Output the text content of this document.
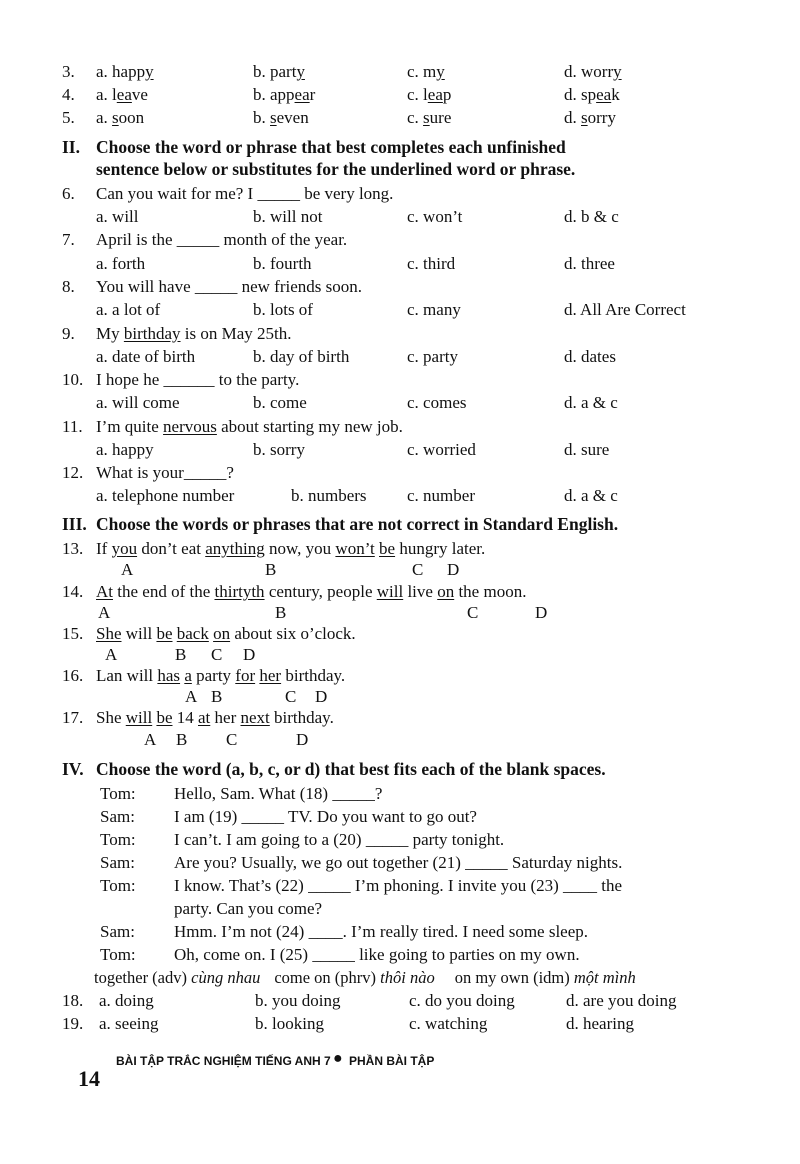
3. a. happy	b. party	c. my	d. worry
4. a. leave	b. appear	c. leap	d. speak
5. a. soon	b. seven	c. sure	d. sorry
II. Choose the word or phrase that best completes each unfinished
sentence below or substitutes for the underlined word or phrase.
6. Can you wait for me? I _____ be very long.
a. will	b. will not	c. won’t	d. b & c
7. April is the _____ month of the year.
a. forth	b. fourth	c. third	d. three
8. You will have _____ new friends soon.
a. a lot of	b. lots of	c. many	d. All Are Correct
9. My birthday is on May 25th.
a. date of birth	b. day of birth	c. party	d. dates
10. I hope he ______ to the party.
a. will come	b. come	c. comes	d. a & c
11. I’m quite nervous about starting my new job.
a. happy	b. sorry	c. worried	d. sure
12. What is your_____?
a. telephone number	b. numbers c. number	d. a & c
III. Choose the words or phrases that are not correct in Standard English.
13. If you don’t eat anything now, you won’t be hungry later.
A	B	C D
14. At the end of the thirtyth century, people will live on the moon.
A	B	C	D
15. She will be back on about six o’clock.
A	B C D
16. Lan will has a party for her birthday.
A B	C D
17. She will be 14 at her next birthday.
A B C	D
IV. Choose the word (a, b, c, or d) that best fits each of the blank spaces.
Tom: Hello, Sam. What (18) _____?
Sam: I am (19) _____ TV. Do you want to go out?
Tom: I can’t. I am going to a (20) _____ party tonight.
Sam: Are you? Usually, we go out together (21) _____ Saturday nights.
Tom: I know. That’s (22) _____ I’m phoning. I invite you (23) ____ the
party. Can you come?
Sam: Hmm. I’m not (24) ____. I’m really tired. I need some sleep.
Tom: Oh, come on. I (25) _____ like going to parties on my own.
together (adv) cùng nhau come on (phrv) thôi nào on my own (idm) một mình
18. a. doing	b. you doing	c. do you doing	d. are you doing
19. a. seeing	b. looking	c. watching	d. hearing

14

BÀI TẬP TRẮC NGHIỆM TIẾNG ANH 7

●

PHẦN BÀI TẬP
